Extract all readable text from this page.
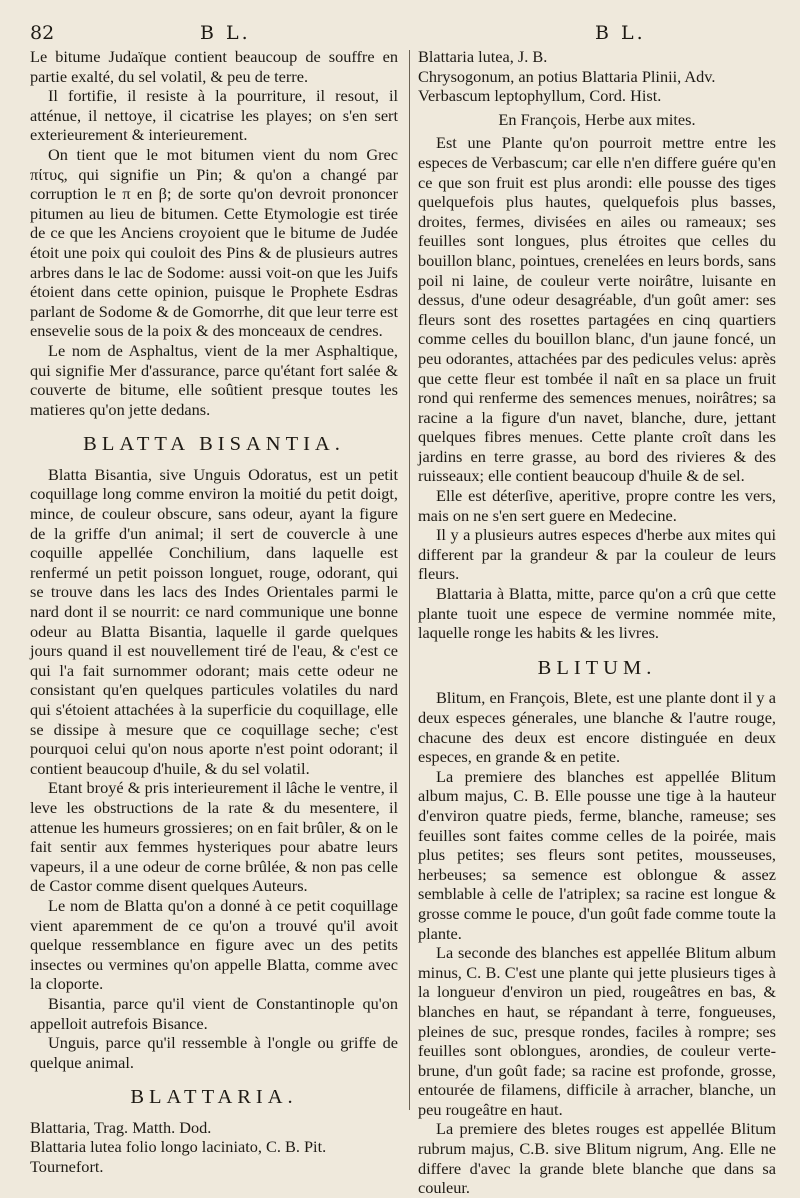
82	B L.	B L.

Le bitume Judaïque contient beaucoup de souffre en partie exalté, du sel volatil, & peu de terre.

Il fortifie, il resiste à la pourriture, il resout, il atténue, il nettoye, il cicatrise les playes; on s'en sert exterieurement & interieurement.

On tient que le mot bitumen vient du nom Grec πίτυς, qui signifie un Pin; & qu'on a changé par corruption le π en β; de sorte qu'on devroit prononcer pitumen au lieu de bitumen. Cette Etymologie est tirée de ce que les Anciens croyoient que le bitume de Judée étoit une poix qui couloit des Pins & de plusieurs autres arbres dans le lac de Sodome: aussi voit-on que les Juifs étoient dans cette opinion, puisque le Prophete Esdras parlant de Sodome & de Gomorrhe, dit que leur terre est ensevelie sous de la poix & des monceaux de cendres.

Le nom de Asphaltus, vient de la mer Asphaltique, qui signifie Mer d'assurance, parce qu'étant fort salée & couverte de bitume, elle soûtient presque toutes les matieres qu'on jette dedans.

BLATTA BISANTIA.

Blatta Bisantia, sive Unguis Odoratus, est un petit coquillage long comme environ la moitié du petit doigt, mince, de couleur obscure, sans odeur, ayant la figure de la griffe d'un animal; il sert de couvercle à une coquille appellée Conchilium, dans laquelle est renfermé un petit poisson longuet, rouge, odorant, qui se trouve dans les lacs des Indes Orientales parmi le nard dont il se nourrit: ce nard communique une bonne odeur au Blatta Bisantia, laquelle il garde quelques jours quand il est nouvellement tiré de l'eau, & c'est ce qui l'a fait surnommer odorant; mais cette odeur ne consistant qu'en quelques particules volatiles du nard qui s'étoient attachées à la superficie du coquillage, elle se dissipe à mesure que ce coquillage seche; c'est pourquoi celui qu'on nous aporte n'est point odorant; il contient beaucoup d'huile, & du sel volatil.

Etant broyé & pris interieurement il lâche le ventre, il leve les obstructions de la rate & du mesentere, il attenue les humeurs grossieres; on en fait brûler, & on le fait sentir aux femmes hysteriques pour abatre leurs vapeurs, il a une odeur de corne brûlée, & non pas celle de Castor comme disent quelques Auteurs.

Le nom de Blatta qu'on a donné à ce petit coquillage vient aparemment de ce qu'on a trouvé qu'il avoit quelque ressemblance en figure avec un des petits insectes ou vermines qu'on appelle Blatta, comme avec la cloporte.

Bisantia, parce qu'il vient de Constantinople qu'on appelloit autrefois Bisance.

Unguis, parce qu'il ressemble à l'ongle ou griffe de quelque animal.

BLATTARIA.

Blattaria, Trag. Matth. Dod.

Blattaria lutea folio longo laciniato, C. B. Pit. Tournefort.

Blattaria lutea, J. B.

Chrysogonum, an potius Blattaria Plinii, Adv.

Verbascum leptophyllum, Cord. Hist.

En François, Herbe aux mites.

Est une Plante qu'on pourroit mettre entre les especes de Verbascum; car elle n'en differe guére qu'en ce que son fruit est plus arondi: elle pousse des tiges quelquefois plus hautes, quelquefois plus basses, droites, fermes, divisées en ailes ou rameaux; ses feuilles sont longues, plus étroites que celles du bouillon blanc, pointues, crenelées en leurs bords, sans poil ni laine, de couleur verte noirâtre, luisante en dessus, d'une odeur desagréable, d'un goût amer: ses fleurs sont des rosettes partagées en cinq quartiers comme celles du bouillon blanc, d'un jaune foncé, un peu odorantes, attachées par des pedicules velus: après que cette fleur est tombée il naît en sa place un fruit rond qui renferme des semences menues, noirâtres; sa racine a la figure d'un navet, blanche, dure, jettant quelques fibres menues. Cette plante croît dans les jardins en terre grasse, au bord des rivieres & des ruisseaux; elle contient beaucoup d'huile & de sel.

Elle est déterſive, aperitive, propre contre les vers, mais on ne s'en sert guere en Medecine.

Il y a plusieurs autres especes d'herbe aux mites qui different par la grandeur & par la couleur de leurs fleurs.

Blattaria à Blatta, mitte, parce qu'on a crû que cette plante tuoit une espece de vermine nommée mite, laquelle ronge les habits & les livres.

BLITUM.

Blitum, en François, Blete, est une plante dont il y a deux especes génerales, une blanche & l'autre rouge, chacune des deux est encore distinguée en deux especes, en grande & en petite.

La premiere des blanches est appellée Blitum album majus, C. B. Elle pousse une tige à la hauteur d'environ quatre pieds, ferme, blanche, rameuse; ses feuilles sont faites comme celles de la poirée, mais plus petites; ses fleurs sont petites, mousseuses, herbeuses; sa semence est oblongue & assez semblable à celle de l'atriplex; sa racine est longue & grosse comme le pouce, d'un goût fade comme toute la plante.

La seconde des blanches est appellée Blitum album minus, C. B. C'est une plante qui jette plusieurs tiges à la longueur d'environ un pied, rougeâtres en bas, & blanches en haut, se répandant à terre, fongueuses, pleines de suc, presque rondes, faciles à rompre; ses feuilles sont oblongues, arondies, de couleur verte-brune, d'un goût fade; sa racine est profonde, grosse, entourée de filamens, difficile à arracher, blanche, un peu rougeâtre en haut.

La premiere des bletes rouges est appellée Blitum rubrum majus, C.B. sive Blitum nigrum, Ang. Elle ne differe d'avec la grande blete blanche que dans sa couleur.
